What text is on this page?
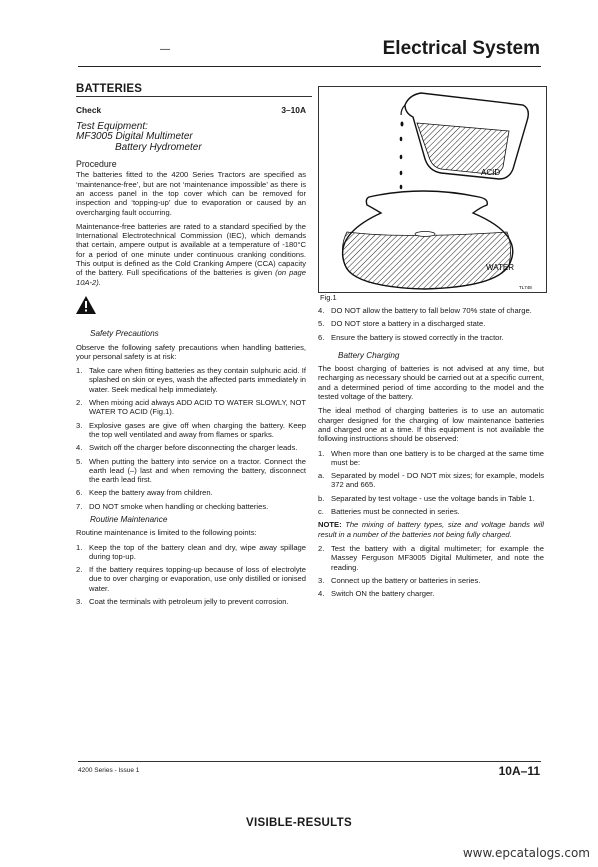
—	Electrical System
BATTERIES
Check	3–10A
Test Equipment:
MF3005 Digital Multimeter
Battery Hydrometer
Procedure

The batteries fitted to the 4200 Series Tractors are specified as ‘maintenance-free’, but are not ‘maintenance impossible’ as there is an access panel in the top cover which can be removed for inspection and ‘topping-up’ due to evaporation or caused by an overcharging fault occurring.

Maintenance-free batteries are rated to a standard specified by the International Electrotechnical Commission (IEC), which demands that certain, ampere output is available at a temperature of -180°C for a period of one minute under continuous cranking conditions. This output is defined as the Cold Cranking Ampere (CCA) capacity of the battery. Full specifications of the batteries is given (on page 10A-2).

Safety Precautions

Observe the following safety precautions when handling batteries, your personal safety is at risk:

1. Take care when fitting batteries as they contain sulphuric acid. If splashed on skin or eyes, wash the affected parts immediately in water. Seek medical help immediately.
2. When mixing acid always ADD ACID TO WATER SLOWLY, NOT WATER TO ACID (Fig.1).
3. Explosive gases are give off when charging the battery. Keep the top well ventilated and away from flames or sparks.
4. Switch off the charger before disconnecting the charger leads.
5. When putting the battery into service on a tractor. Connect the earth lead (–) last and when removing the battery, disconnect the earth lead first.
6. Keep the battery away from children.
7. DO NOT smoke when handling or checking batteries.
Routine Maintenance

Routine maintenance is limited to the following points:

1. Keep the top of the battery clean and dry, wipe away spillage during top-up.
2. If the battery requires topping-up because of loss of electrolyte due to over charging or evaporation, use only distilled or ionised water.
3. Coat the terminals with petroleum jelly to prevent corrosion.
ACID
WATER
TL748
Fig.1
4. DO NOT allow the battery to fall below 70% state of charge.
5. DO NOT store a battery in a discharged state.
6. Ensure the battery is stowed correctly in the tractor.
Battery Charging

The boost charging of batteries is not advised at any time, but recharging as necessary should be carried out at a specific current, and a determined period of time according to the model and the tested voltage of the battery.

The ideal method of charging batteries is to use an automatic charger designed for the charging of low maintenance batteries and charged one at a time. If this equipment is not available the following instructions should be observed:

1. When more than one battery is to be charged at the same time must be:
a. Separated by model - DO NOT mix sizes; for example, models 372 and 665.
b. Separated by test voltage - use the voltage bands in Table 1.
c. Batteries must be connected in series.

NOTE: The mixing of battery types, size and voltage bands will result in a number of the batteries not being fully charged.

2. Test the battery with a digital multimeter; for example the Massey Ferguson MF3005 Digital Multimeter, and note the reading.
3. Connect up the battery or batteries in series.
4. Switch ON the battery charger.
4200 Series - Issue 1	10A–11
VISIBLE-RESULTS
www.epcatalogs.com
